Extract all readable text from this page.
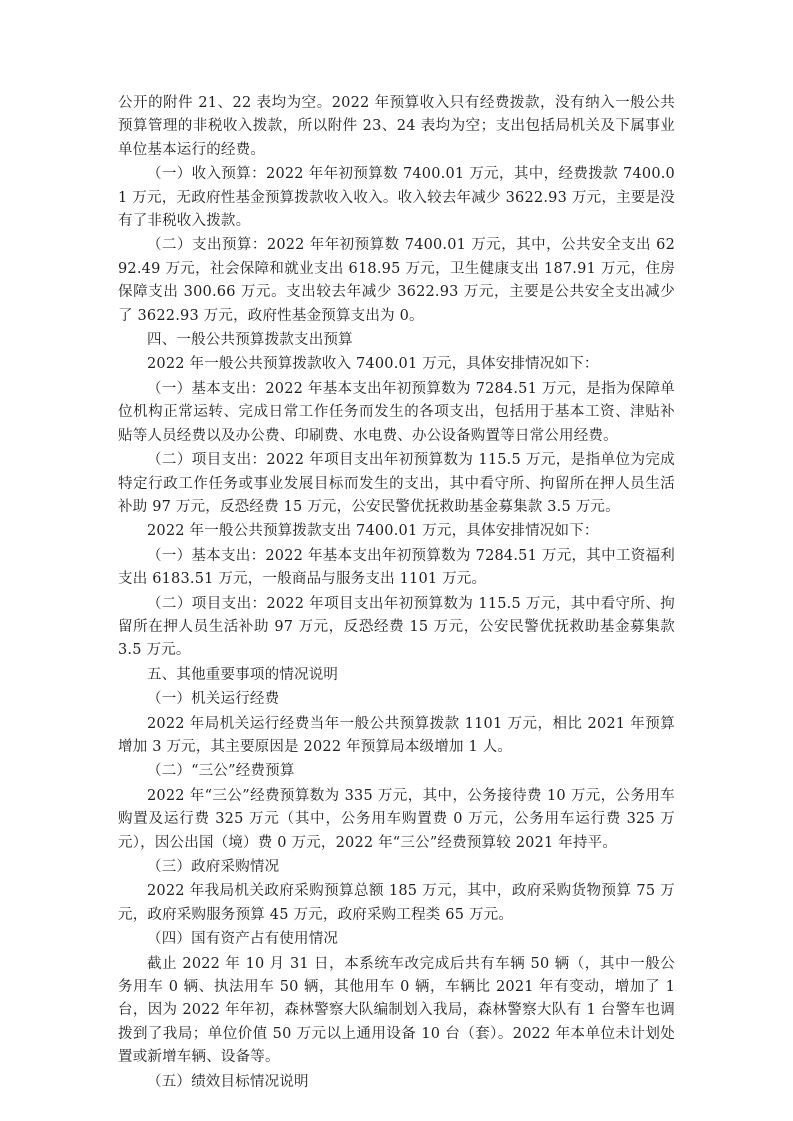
公开的附件 21、22 表均为空。2022 年预算收入只有经费拨款，没有纳入一般公共预算管理的非税收入拨款，所以附件 23、24 表均为空；支出包括局机关及下属事业单位基本运行的经费。

（一）收入预算：2022 年年初预算数 7400.01 万元，其中，经费拨款 7400.01 万元，无政府性基金预算拨款收入收入。收入较去年减少 3622.93 万元，主要是没有了非税收入拨款。

（二）支出预算：2022 年年初预算数 7400.01 万元，其中，公共安全支出 6292.49 万元，社会保障和就业支出 618.95 万元，卫生健康支出 187.91 万元，住房保障支出 300.66 万元。支出较去年减少 3622.93 万元，主要是公共安全支出减少了 3622.93 万元，政府性基金预算支出为 0。

四、一般公共预算拨款支出预算

2022 年一般公共预算拨款收入 7400.01 万元，具体安排情况如下：

（一）基本支出：2022 年基本支出年初预算数为 7284.51 万元，是指为保障单位机构正常运转、完成日常工作任务而发生的各项支出，包括用于基本工资、津贴补贴等人员经费以及办公费、印刷费、水电费、办公设备购置等日常公用经费。

（二）项目支出：2022 年项目支出年初预算数为 115.5 万元，是指单位为完成特定行政工作任务或事业发展目标而发生的支出，其中看守所、拘留所在押人员生活补助 97 万元，反恐经费 15 万元，公安民警优抚救助基金募集款 3.5 万元。

2022 年一般公共预算拨款支出 7400.01 万元，具体安排情况如下：

（一）基本支出：2022 年基本支出年初预算数为 7284.51 万元，其中工资福利支出 6183.51 万元，一般商品与服务支出 1101 万元。

（二）项目支出：2022 年项目支出年初预算数为 115.5 万元，其中看守所、拘留所在押人员生活补助 97 万元，反恐经费 15 万元，公安民警优抚救助基金募集款 3.5 万元。

五、其他重要事项的情况说明

（一）机关运行经费

2022 年局机关运行经费当年一般公共预算拨款 1101 万元，相比 2021 年预算增加 3 万元，其主要原因是 2022 年预算局本级增加 1 人。

（二）“三公”经费预算

2022 年“三公”经费预算数为 335 万元，其中，公务接待费 10 万元，公务用车购置及运行费 325 万元（其中，公务用车购置费 0 万元，公务用车运行费 325 万元），因公出国（境）费 0 万元，2022 年“三公”经费预算较 2021 年持平。

（三）政府采购情况

2022 年我局机关政府采购预算总额 185 万元，其中，政府采购货物预算 75 万元，政府采购服务预算 45 万元，政府采购工程类 65 万元。

（四）国有资产占有使用情况

截止 2022 年 10 月 31 日，本系统车改完成后共有车辆 50 辆（，其中一般公务用车 0 辆、执法用车 50 辆，其他用车 0 辆，车辆比 2021 年有变动，增加了 1 台，因为 2022 年年初，森林警察大队编制划入我局，森林警察大队有 1 台警车也调拨到了我局；单位价值 50 万元以上通用设备 10 台（套）。2022 年本单位未计划处置或新增车辆、设备等。

（五）绩效目标情况说明
